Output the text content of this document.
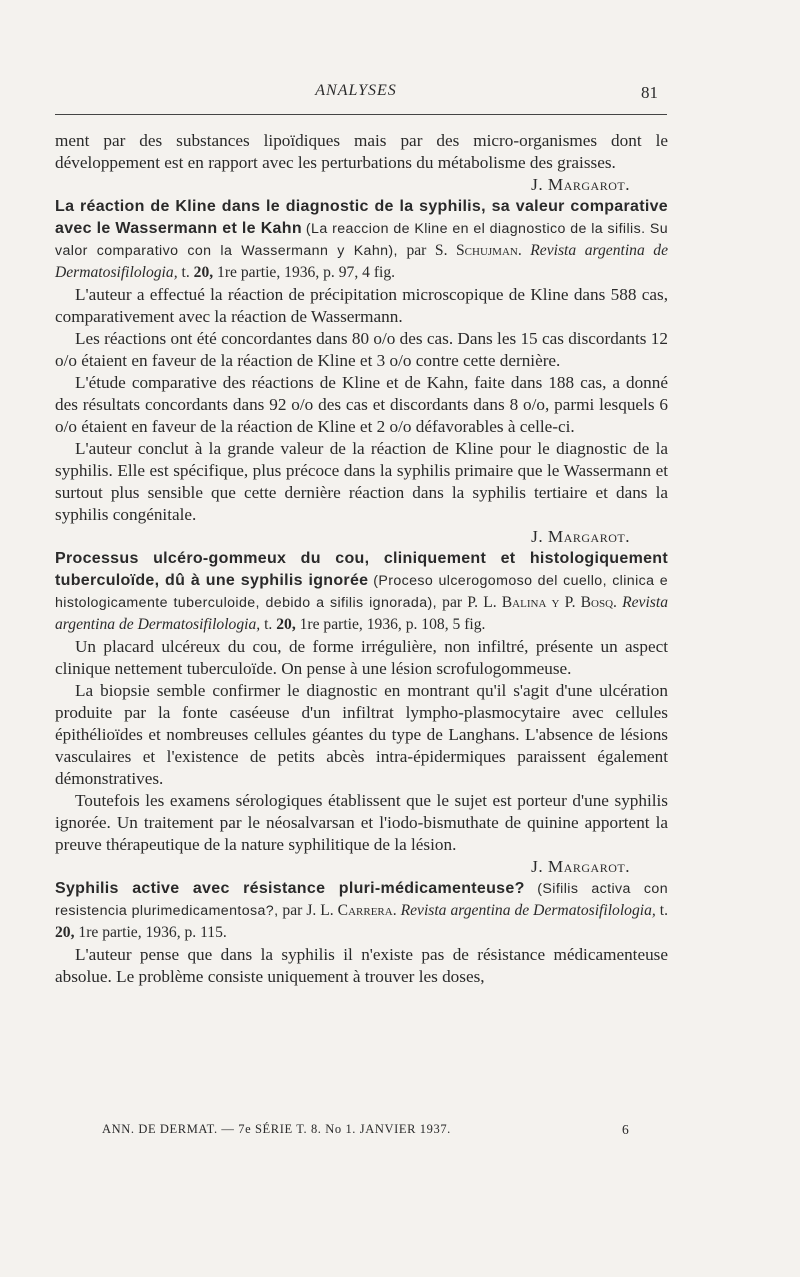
ANALYSES	81

ment par des substances lipoïdiques mais par des micro-organismes dont le développement est en rapport avec les perturbations du métabolisme des graisses.

J. Margarot.

La réaction de Kline dans le diagnostic de la syphilis, sa valeur comparative avec le Wassermann et le Kahn (La reaccion de Kline en el diagnostico de la sifilis. Su valor comparativo con la Wassermann y Kahn), par S. Schujman. Revista argentina de Dermatosifilologia, t. 20, 1re partie, 1936, p. 97, 4 fig.

L'auteur a effectué la réaction de précipitation microscopique de Kline dans 588 cas, comparativement avec la réaction de Wassermann.

Les réactions ont été concordantes dans 80 o/o des cas. Dans les 15 cas discordants 12 o/o étaient en faveur de la réaction de Kline et 3 o/o contre cette dernière.

L'étude comparative des réactions de Kline et de Kahn, faite dans 188 cas, a donné des résultats concordants dans 92 o/o des cas et discordants dans 8 o/o, parmi lesquels 6 o/o étaient en faveur de la réaction de Kline et 2 o/o défavorables à celle-ci.

L'auteur conclut à la grande valeur de la réaction de Kline pour le diagnostic de la syphilis. Elle est spécifique, plus précoce dans la syphilis primaire que le Wassermann et surtout plus sensible que cette dernière réaction dans la syphilis tertiaire et dans la syphilis congénitale.

J. Margarot.

Processus ulcéro-gommeux du cou, cliniquement et histologiquement tuberculoïde, dû à une syphilis ignorée (Proceso ulcerogomoso del cuello, clinica e histologicamente tuberculoide, debido a sifilis ignorada), par P. L. Balina y P. Bosq. Revista argentina de Dermatosifilologia, t. 20, 1re partie, 1936, p. 108, 5 fig.

Un placard ulcéreux du cou, de forme irrégulière, non infiltré, présente un aspect clinique nettement tuberculoïde. On pense à une lésion scrofulogommeuse.

La biopsie semble confirmer le diagnostic en montrant qu'il s'agit d'une ulcération produite par la fonte caséeuse d'un infiltrat lympho-plasmocytaire avec cellules épithélioïdes et nombreuses cellules géantes du type de Langhans. L'absence de lésions vasculaires et l'existence de petits abcès intra-épidermiques paraissent également démonstratives.

Toutefois les examens sérologiques établissent que le sujet est porteur d'une syphilis ignorée. Un traitement par le néosalvarsan et l'iodo-bismuthate de quinine apportent la preuve thérapeutique de la nature syphilitique de la lésion.

J. Margarot.

Syphilis active avec résistance pluri-médicamenteuse? (Sifilis activa con resistencia plurimedicamentosa?, par J. L. Carrera. Revista argentina de Dermatosifilologia, t. 20, 1re partie, 1936, p. 115.

L'auteur pense que dans la syphilis il n'existe pas de résistance médicamenteuse absolue. Le problème consiste uniquement à trouver les doses,

ANN. DE DERMAT. — 7e SÉRIE T. 8. No 1. JANVIER 1937.	6
